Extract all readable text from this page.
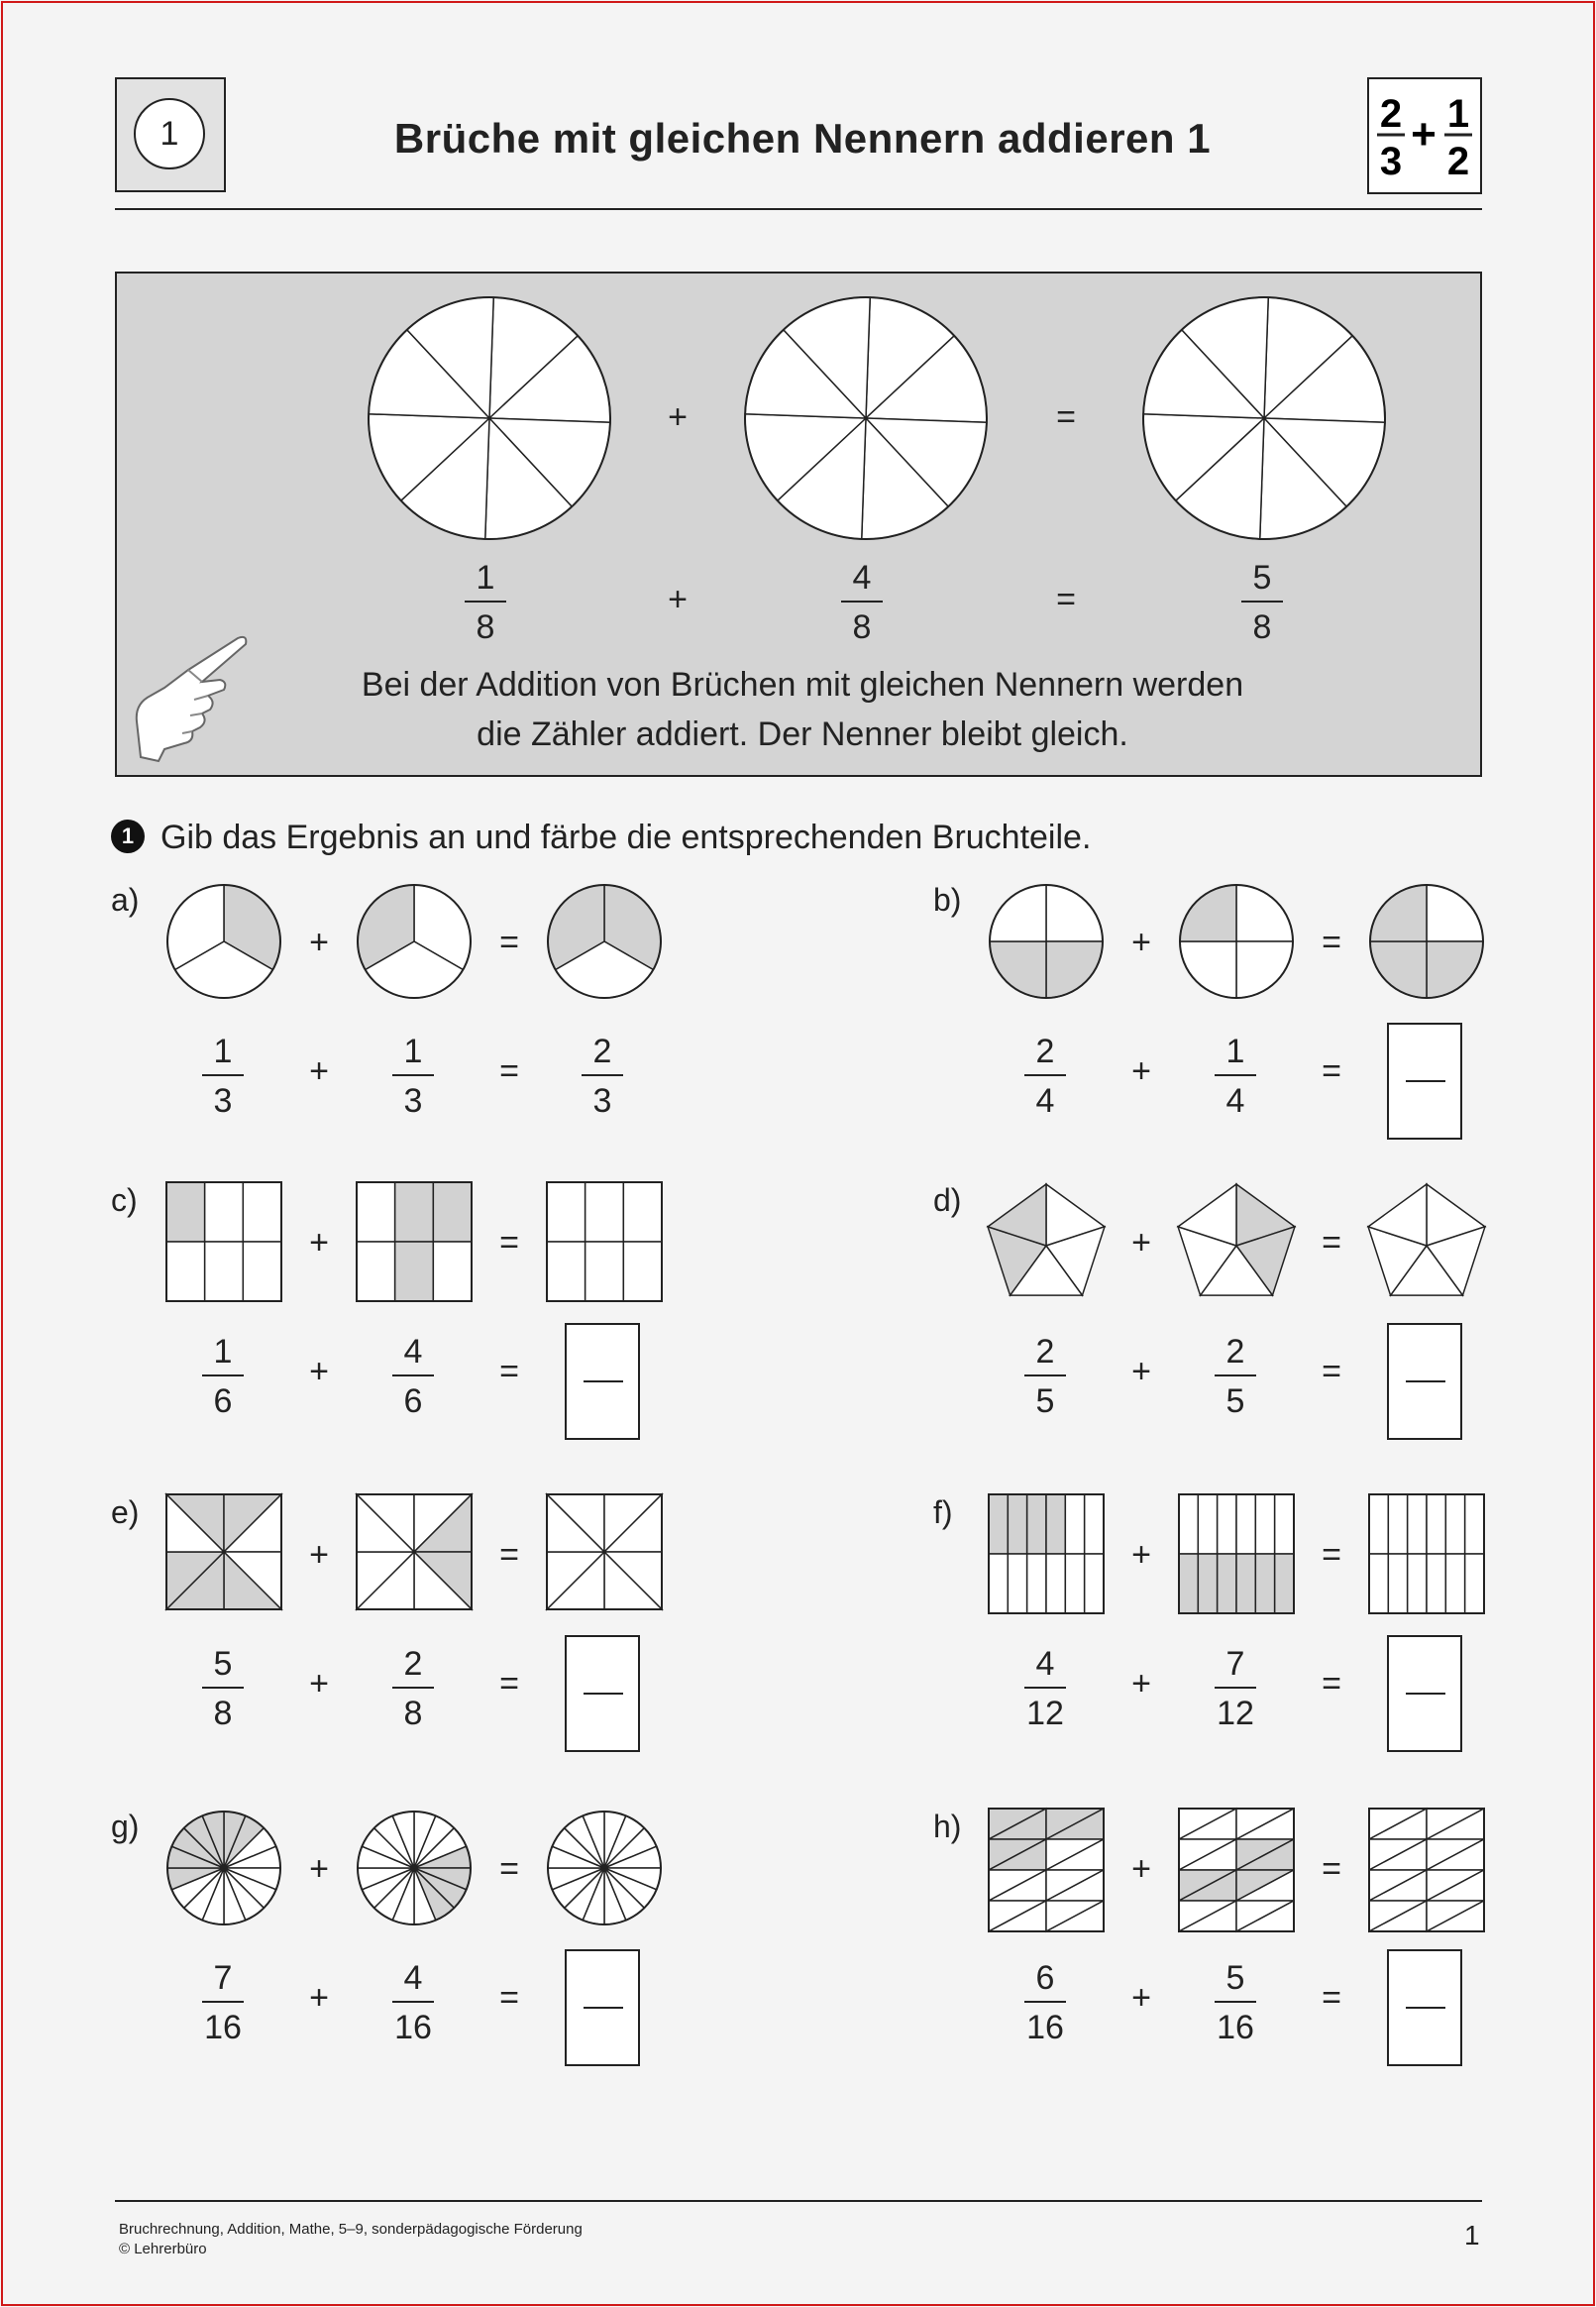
1	Brüche mit gleichen Nennern addieren 1
2
3
+ 1
2
+	=
1
8
+
4
8
=
5
8
Bei der Addition von Brüchen mit gleichen Nennern werden
die Zähler addiert. Der Nenner bleibt gleich.
1 Gib das Ergebnis an und färbe die entsprechenden Bruchteile.
a)
+	=
1
3
+
1
3
=
2
3
b)
+	=
2
4
+
1
4
=
c)
+	=
1
6
+
4
6
=
d)
+	=
2
5
+
2
5
=
e)
+	=
5
8
+
2
8
=
f)
+	=
4
12
+
7
12
=
g)
+	=
7
16
+
4
16
=
h)
+	=
6
16
+
5
16
=
Bruchrechnung, Addition, Mathe, 5–9, sonderpädagogische Förderung
© Lehrerbüro	1
